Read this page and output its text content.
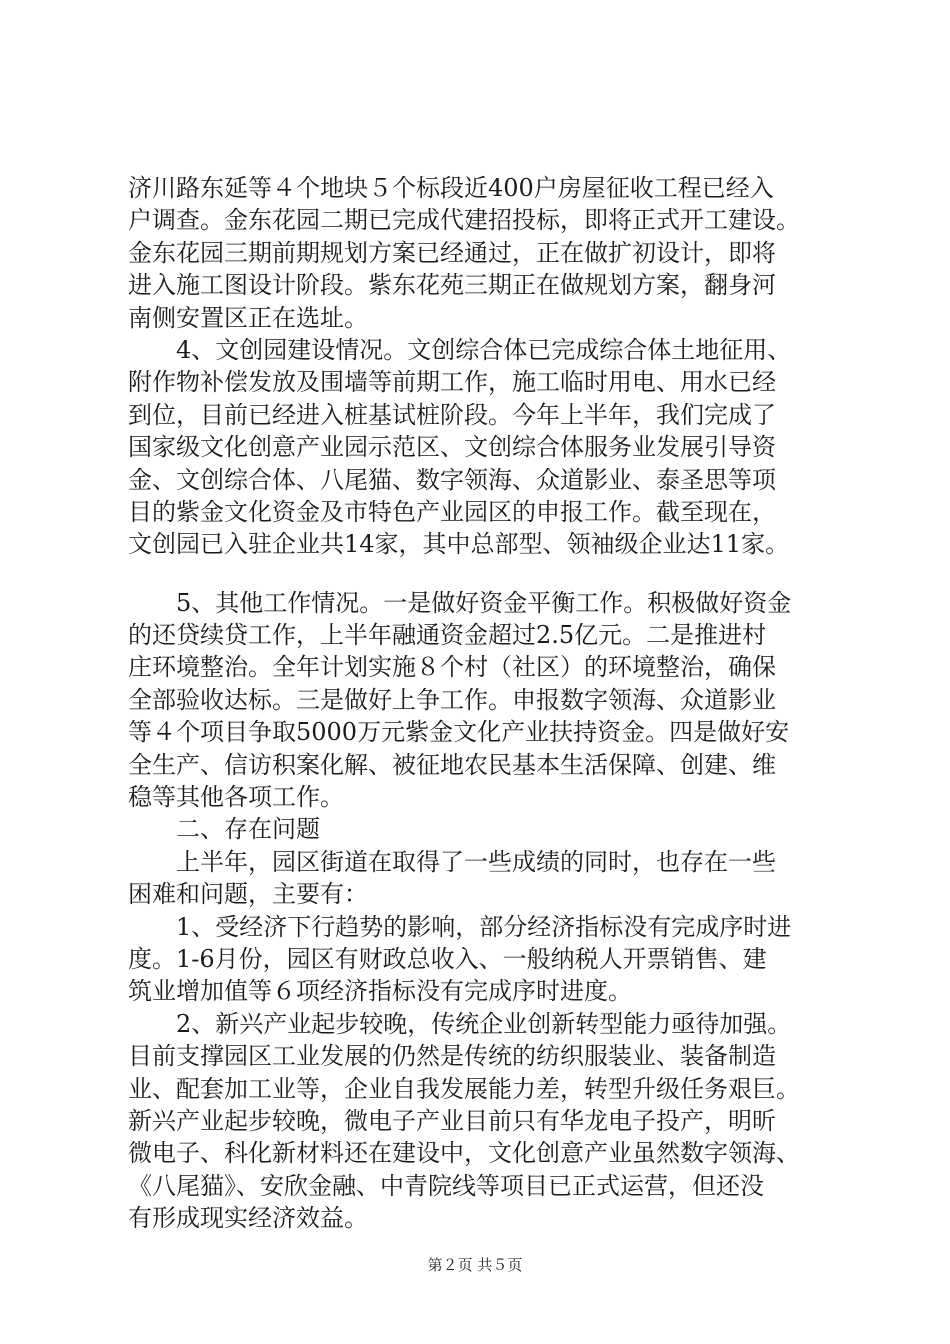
济川路东延等４个地块５个标段近400户房屋征收工程已经入
户调查。金东花园二期已完成代建招投标，即将正式开工建设。
金东花园三期前期规划方案已经通过，正在做扩初设计，即将
进入施工图设计阶段。紫东花苑三期正在做规划方案，翻身河
南侧安置区正在选址。
　　4、文创园建设情况。文创综合体已完成综合体土地征用、
附作物补偿发放及围墙等前期工作，施工临时用电、用水已经
到位，目前已经进入桩基试桩阶段。今年上半年，我们完成了
国家级文化创意产业园示范区、文创综合体服务业发展引导资
金、文创综合体、八尾猫、数字领海、众道影业、泰圣思等项
目的紫金文化资金及市特色产业园区的申报工作。截至现在，
文创园已入驻企业共14家，其中总部型、领袖级企业达11家。
　　5、其他工作情况。一是做好资金平衡工作。积极做好资金
的还贷续贷工作，上半年融通资金超过2.5亿元。二是推进村
庄环境整治。全年计划实施８个村（社区）的环境整治，确保
全部验收达标。三是做好上争工作。申报数字领海、众道影业
等４个项目争取5000万元紫金文化产业扶持资金。四是做好安
全生产、信访积案化解、被征地农民基本生活保障、创建、维
稳等其他各项工作。
　　二、存在问题
　　上半年，园区街道在取得了一些成绩的同时，也存在一些
困难和问题，主要有：
　　1、受经济下行趋势的影响，部分经济指标没有完成序时进
度。1-6月份，园区有财政总收入、一般纳税人开票销售、建
筑业增加值等６项经济指标没有完成序时进度。
　　2、新兴产业起步较晚，传统企业创新转型能力亟待加强。
目前支撑园区工业发展的仍然是传统的纺织服装业、装备制造
业、配套加工业等，企业自我发展能力差，转型升级任务艰巨。
新兴产业起步较晚，微电子产业目前只有华龙电子投产，明昕
微电子、科化新材料还在建设中，文化创意产业虽然数字领海、
《八尾猫》、安欣金融、中青院线等项目已正式运营，但还没
有形成现实经济效益。
第２页 共５页
